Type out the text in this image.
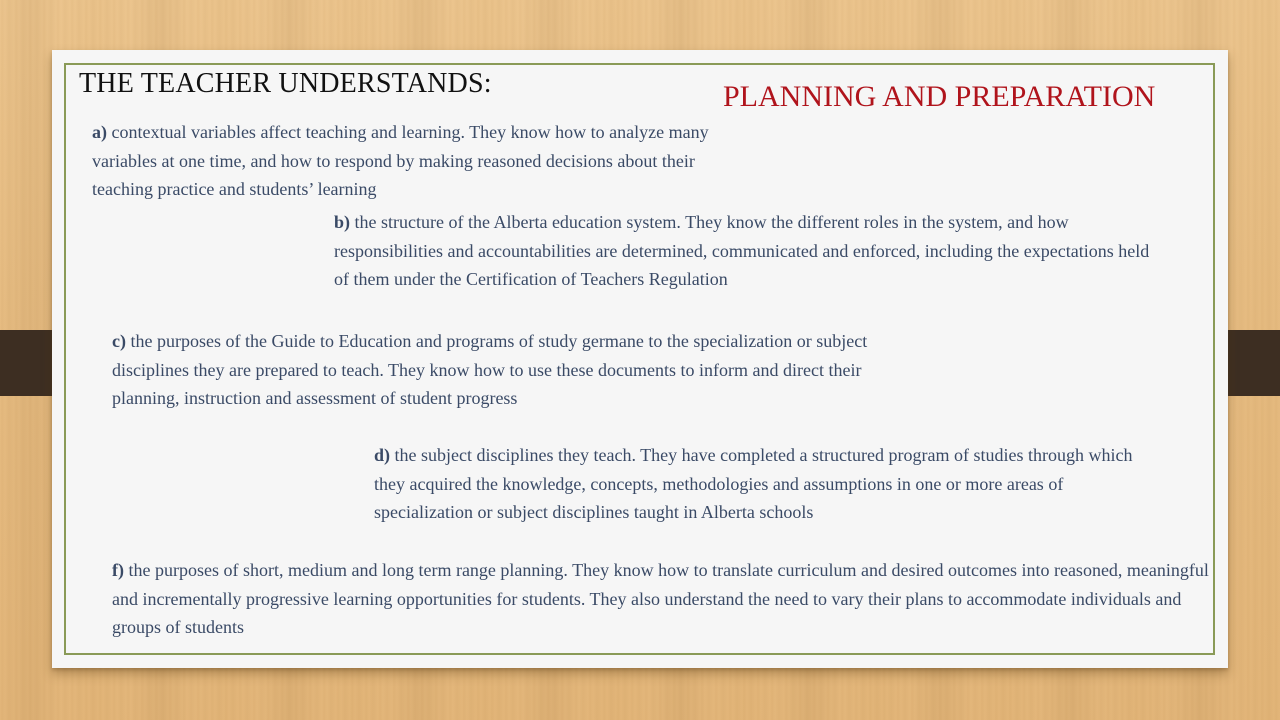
THE TEACHER UNDERSTANDS:	PLANNING AND PREPARATION
a) contextual variables affect teaching and learning. They know how to analyze many variables at one time, and how to respond by making reasoned decisions about their teaching practice and students’ learning
b) the structure of the Alberta education system. They know the different roles in the system, and how responsibilities and accountabilities are determined, communicated and enforced, including the expectations held of them under the Certification of Teachers Regulation
c) the purposes of the Guide to Education and programs of study germane to the specialization or subject disciplines they are prepared to teach. They know how to use these documents to inform and direct their planning, instruction and assessment of student progress
d) the subject disciplines they teach. They have completed a structured program of studies through which they acquired the knowledge, concepts, methodologies and assumptions in one or more areas of specialization or subject disciplines taught in Alberta schools
f) the purposes of short, medium and long term range planning. They know how to translate curriculum and desired outcomes into reasoned, meaningful and incrementally progressive learning opportunities for students. They also understand the need to vary their plans to accommodate individuals and groups of students
